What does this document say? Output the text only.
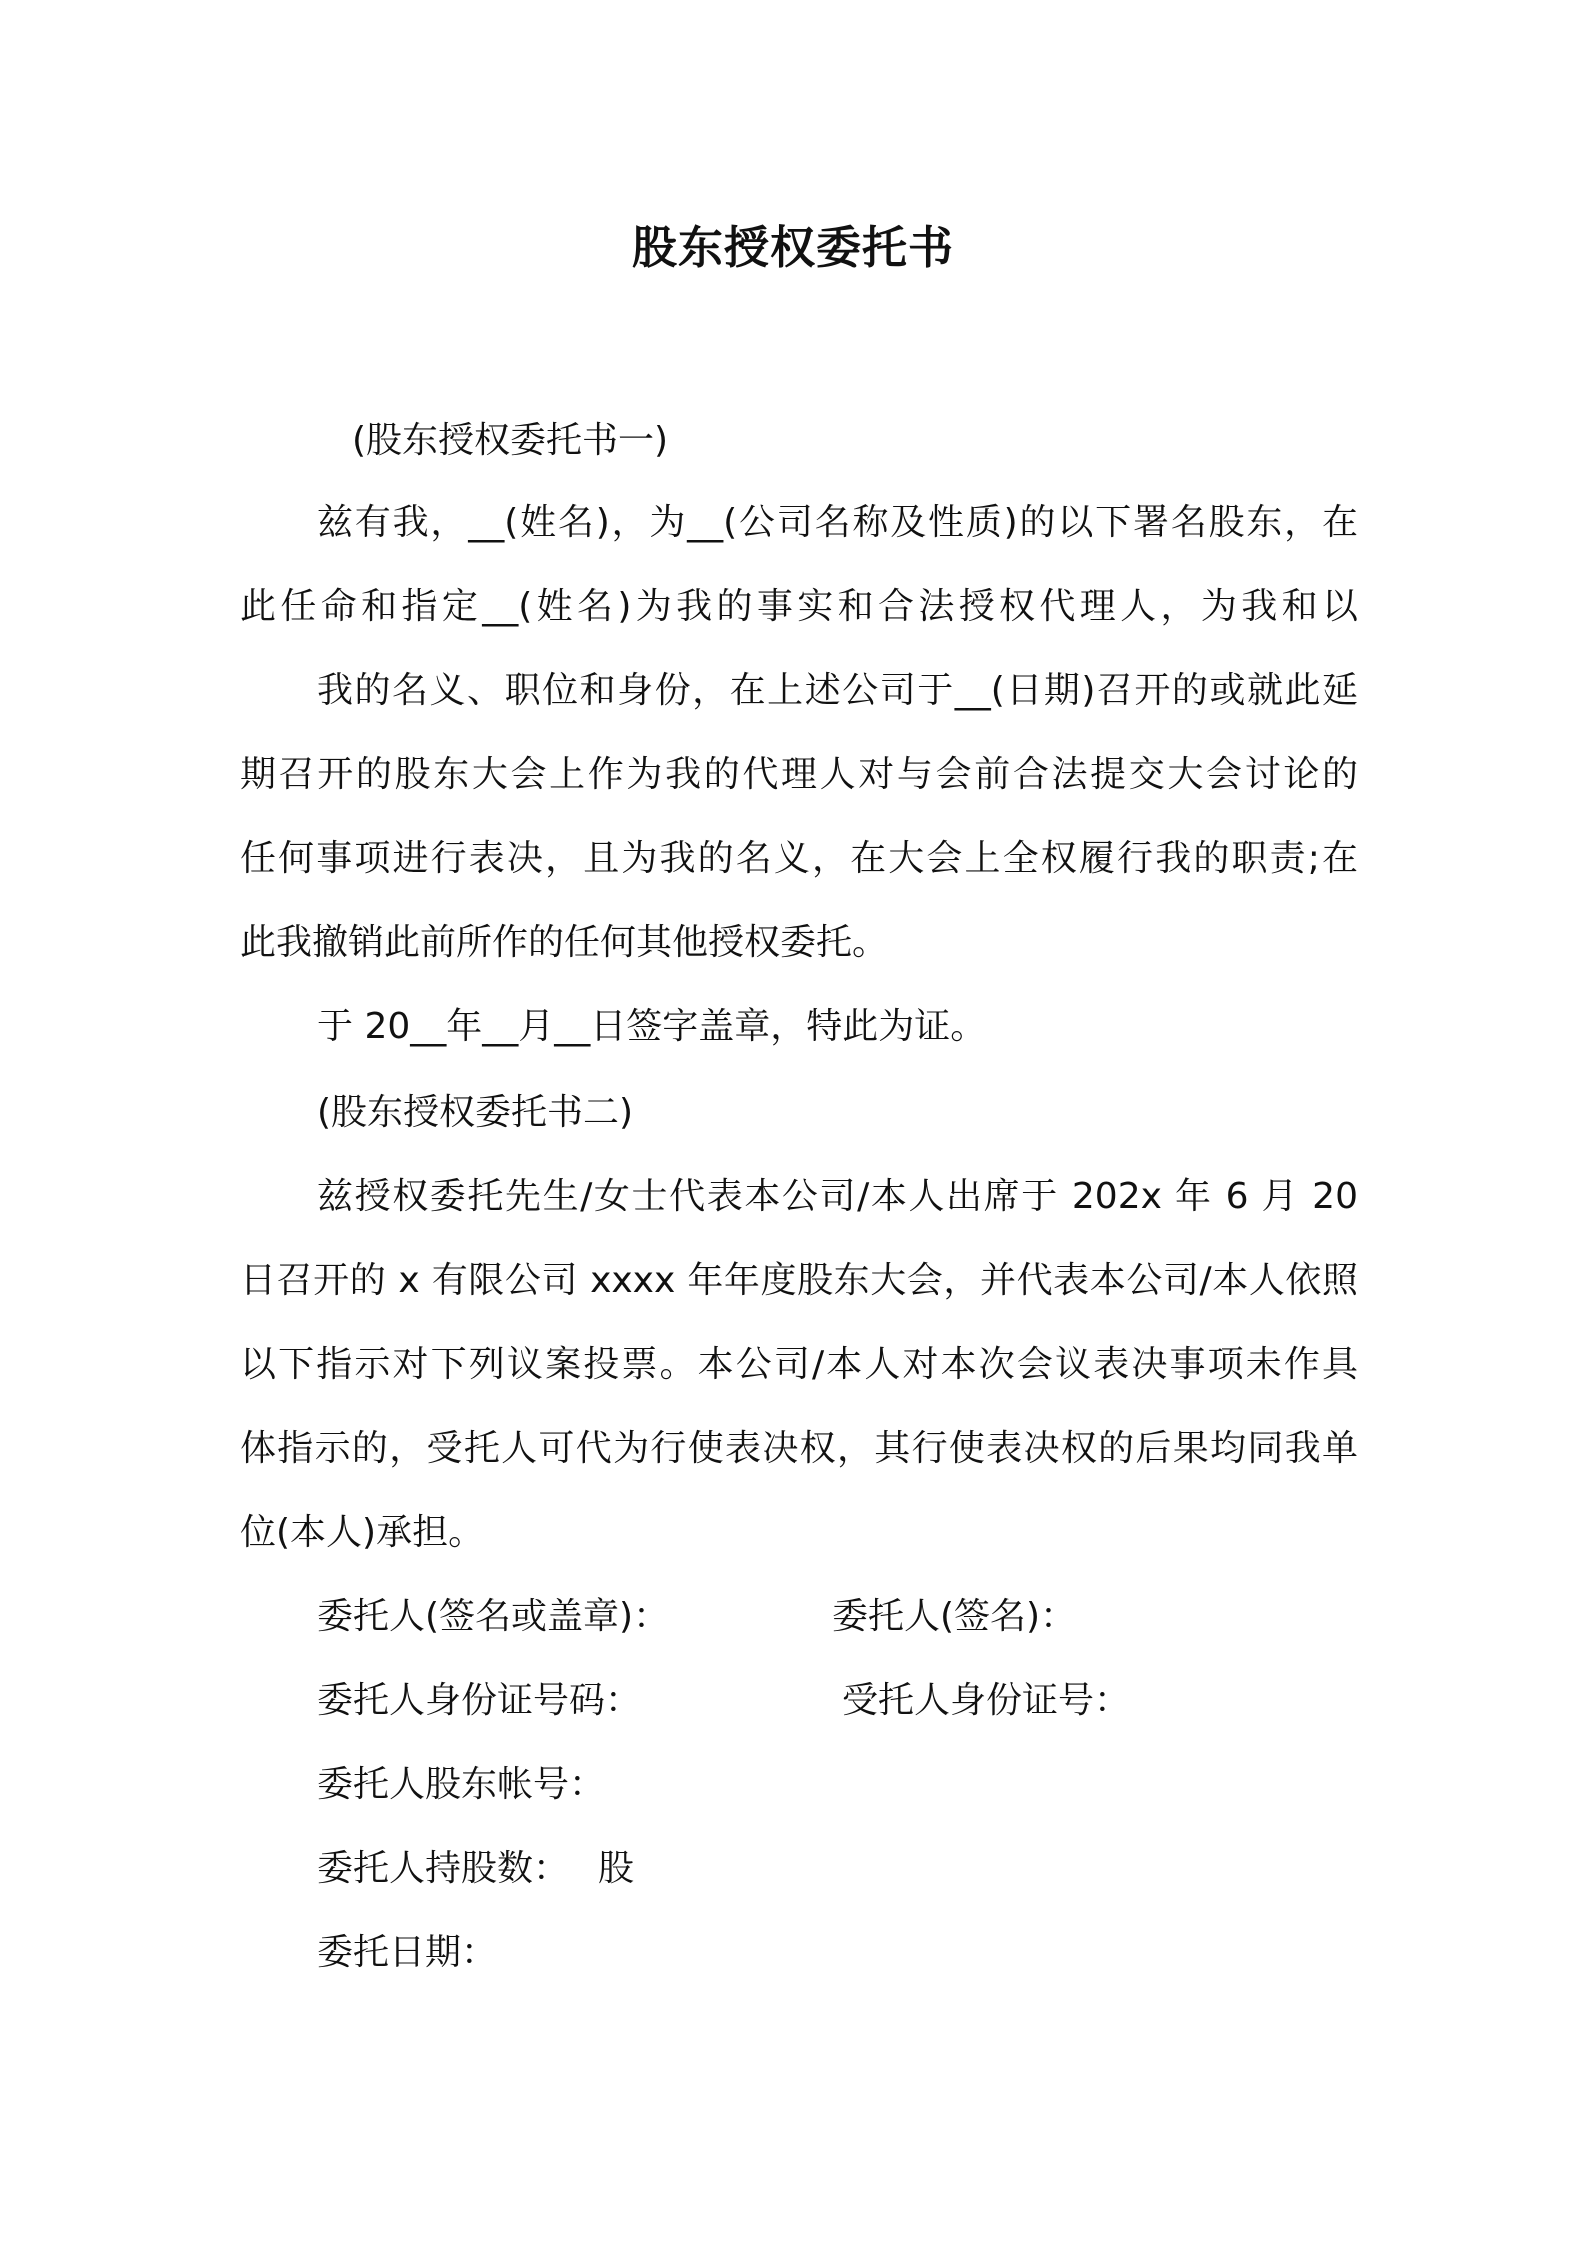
股东授权委托书
(股东授权委托书一)
兹有我，__(姓名)，为__(公司名称及性质)的以下署名股东，在
此任命和指定__(姓名)为我的事实和合法授权代理人，为我和以
我的名义、职位和身份，在上述公司于__(日期)召开的或就此延
期召开的股东大会上作为我的代理人对与会前合法提交大会讨论的
任何事项进行表决，且为我的名义，在大会上全权履行我的职责;在
此我撤销此前所作的任何其他授权委托。
于 20__年__月__日签字盖章，特此为证。
(股东授权委托书二)
兹授权委托先生/女士代表本公司/本人出席于 202x 年 6 月 20
日召开的 x 有限公司 xxxx 年年度股东大会，并代表本公司/本人依照
以下指示对下列议案投票。本公司/本人对本次会议表决事项未作具
体指示的，受托人可代为行使表决权，其行使表决权的后果均同我单
位(本人)承担。
委托人(签名或盖章)：	委托人(签名)：
委托人身份证号码：	受托人身份证号：
委托人股东帐号：
委托人持股数： 股
委托日期：
